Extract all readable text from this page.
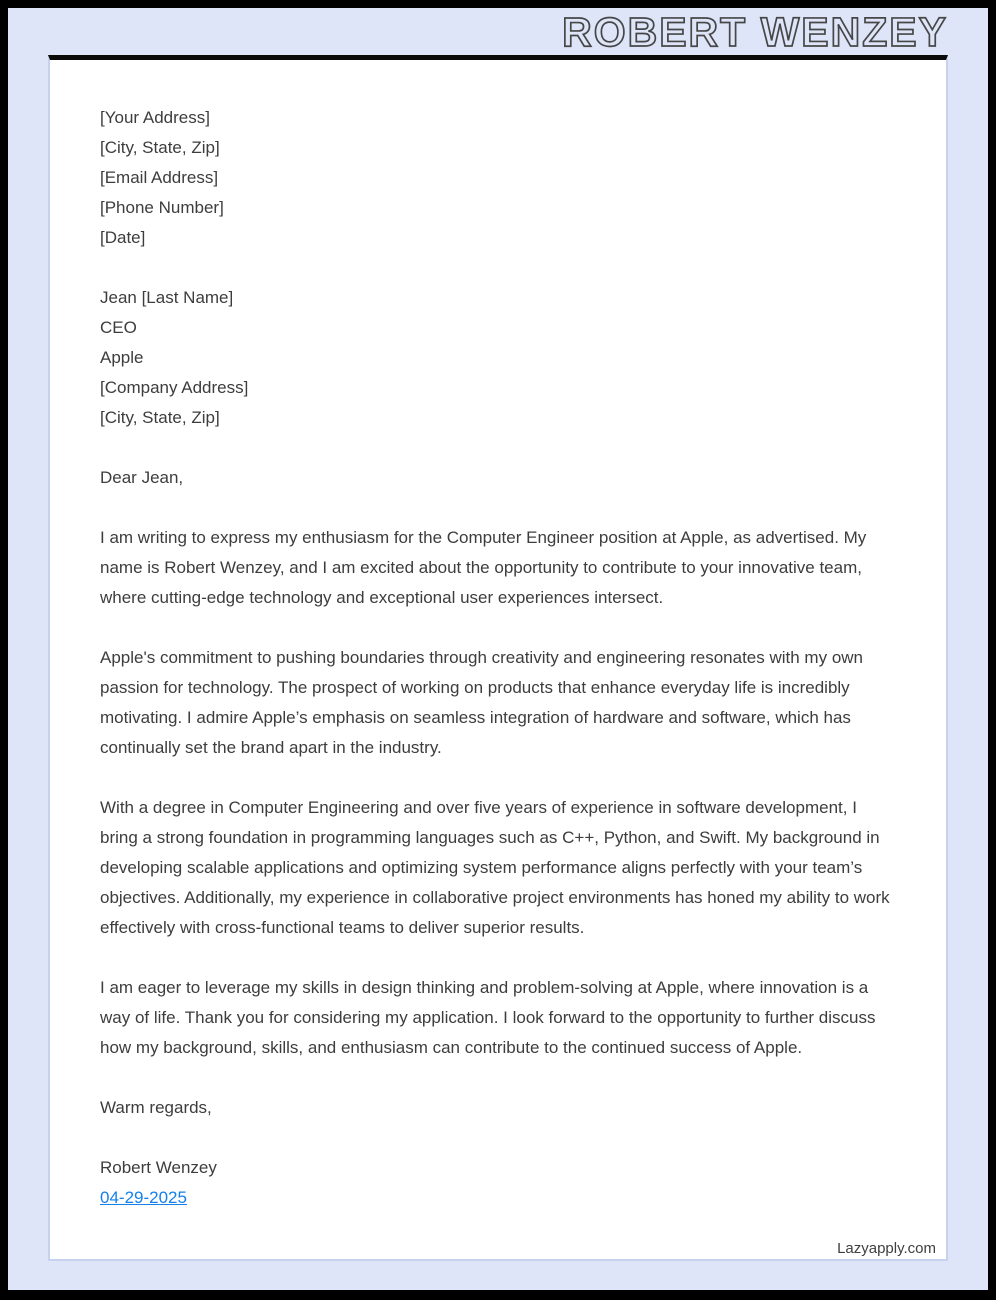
ROBERT WENZEY
[Your Address]
[City, State, Zip]
[Email Address]
[Phone Number]
[Date]
Jean [Last Name]
CEO
Apple
[Company Address]
[City, State, Zip]
Dear Jean,

I am writing to express my enthusiasm for the Computer Engineer position at Apple, as advertised. My name is Robert Wenzey, and I am excited about the opportunity to contribute to your innovative team, where cutting-edge technology and exceptional user experiences intersect.

Apple's commitment to pushing boundaries through creativity and engineering resonates with my own passion for technology. The prospect of working on products that enhance everyday life is incredibly motivating. I admire Apple’s emphasis on seamless integration of hardware and software, which has continually set the brand apart in the industry.

With a degree in Computer Engineering and over five years of experience in software development, I bring a strong foundation in programming languages such as C++, Python, and Swift. My background in developing scalable applications and optimizing system performance aligns perfectly with your team’s objectives. Additionally, my experience in collaborative project environments has honed my ability to work effectively with cross-functional teams to deliver superior results.

I am eager to leverage my skills in design thinking and problem-solving at Apple, where innovation is a way of life. Thank you for considering my application. I look forward to the opportunity to further discuss how my background, skills, and enthusiasm can contribute to the continued success of Apple.

Warm regards,
Robert Wenzey
04-29-2025
Lazyapply.com
